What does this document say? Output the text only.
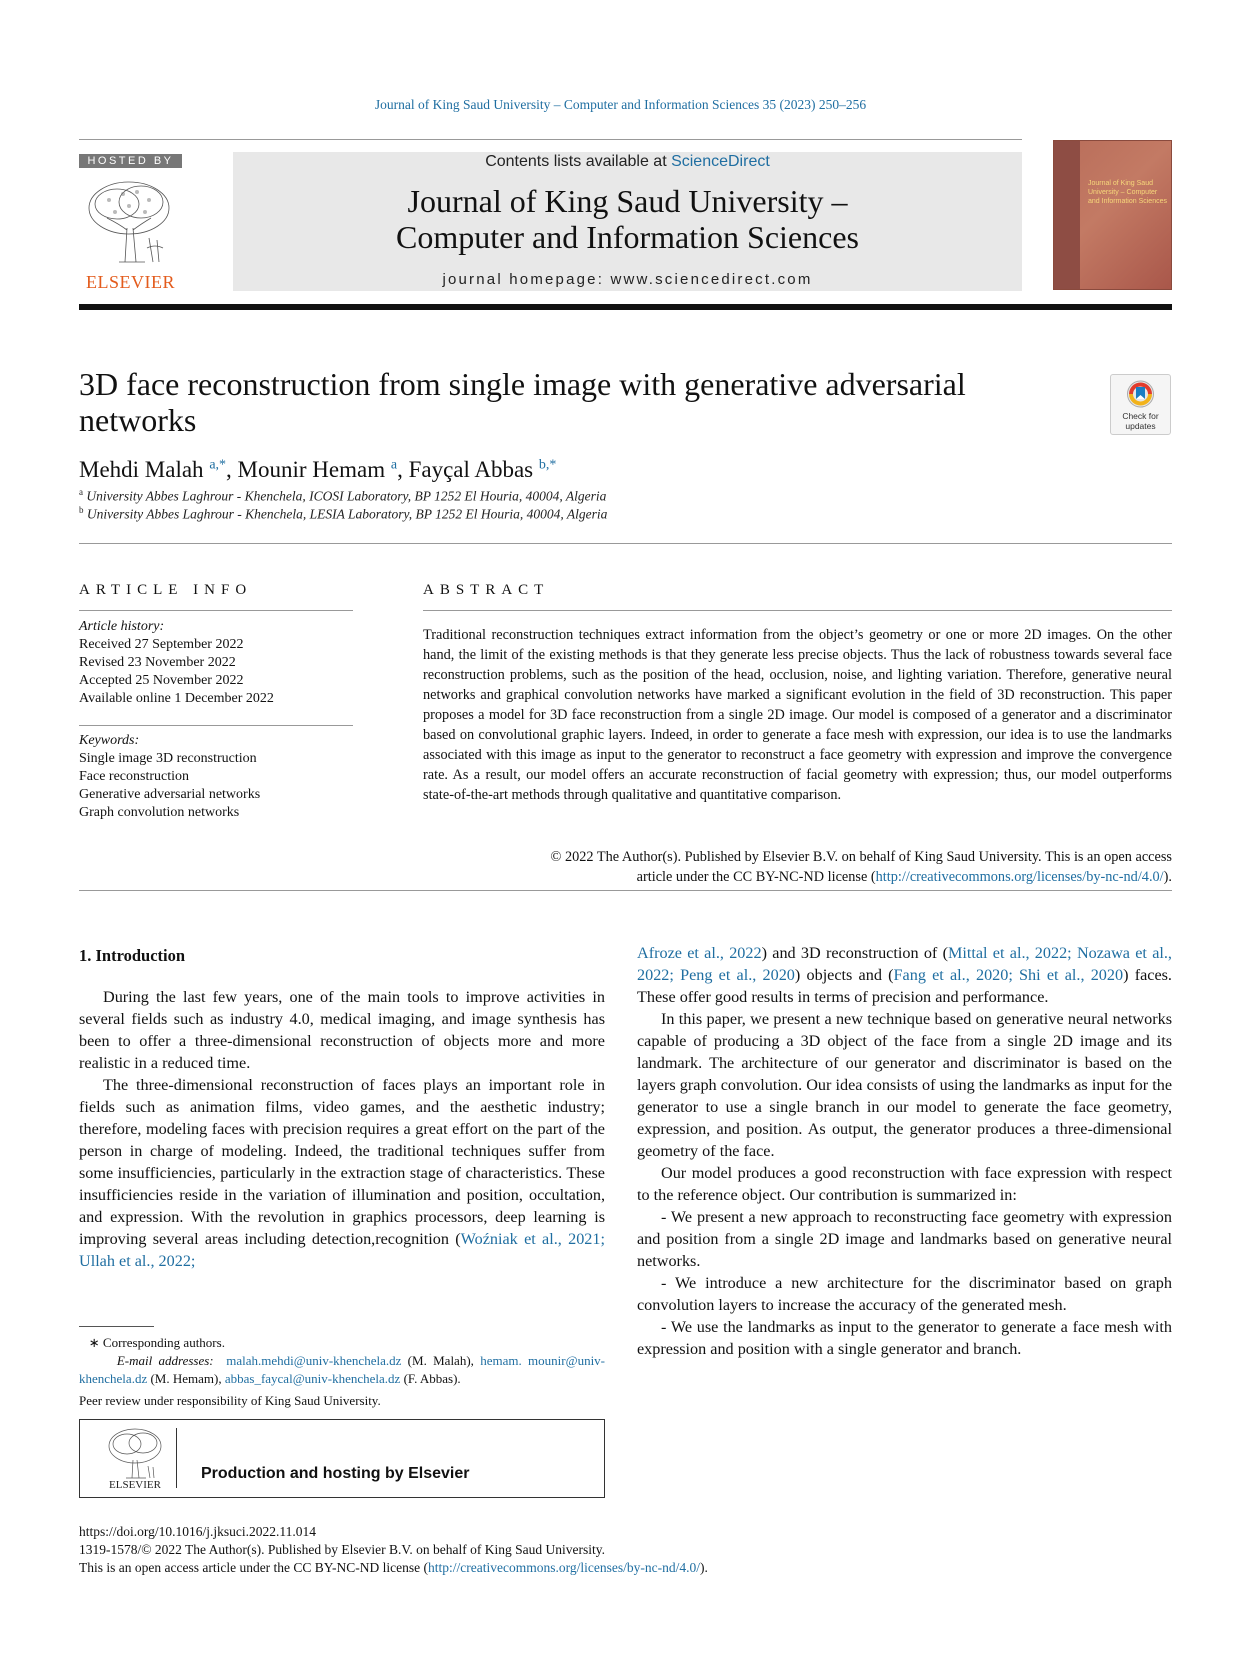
Journal of King Saud University – Computer and Information Sciences 35 (2023) 250–256
HOSTED BY
ELSEVIER
Contents lists available at ScienceDirect
Journal of King Saud University –
Computer and Information Sciences
journal homepage: www.sciencedirect.com
Journal of King Saud University – Computer and Information Sciences
3D face reconstruction from single image with generative adversarial
networks	Check for updates
Mehdi Malah $^{a,*}$, Mounir Hemam $^a$, Fayçal Abbas $^{b,*}$
$^a$ University Abbes Laghrour - Khenchela, ICOSI Laboratory, BP 1252 El Houria, 40004, Algeria
$^b$ University Abbes Laghrour - Khenchela, LESIA Laboratory, BP 1252 El Houria, 40004, Algeria
ARTICLE INFO
Article history:
Received 27 September 2022
Revised 23 November 2022
Accepted 25 November 2022
Available online 1 December 2022
Keywords:
Single image 3D reconstruction
Face reconstruction
Generative adversarial networks
Graph convolution networks
ABSTRACT
Traditional reconstruction techniques extract information from the object’s geometry or one or more 2D images. On the other hand, the limit of the existing methods is that they generate less precise objects. Thus the lack of robustness towards several face reconstruction problems, such as the position of the head, occlusion, noise, and lighting variation. Therefore, generative neural networks and graphical convolution networks have marked a significant evolution in the field of 3D reconstruction. This paper proposes a model for 3D face reconstruction from a single 2D image. Our model is composed of a generator and a discriminator based on convolutional graphic layers. Indeed, in order to generate a face mesh with expression, our idea is to use the landmarks associated with this image as input to the generator to reconstruct a face geometry with expression and improve the convergence rate. As a result, our model offers an accurate reconstruction of facial geometry with expression; thus, our model outperforms state-of-the-art methods through qualitative and quantitative comparison.
© 2022 The Author(s). Published by Elsevier B.V. on behalf of King Saud University. This is an open access
article under the CC BY-NC-ND license (http://creativecommons.org/licenses/by-nc-nd/4.0/).
1. Introduction

During the last few years, one of the main tools to improve activities in several fields such as industry 4.0, medical imaging, and image synthesis has been to offer a three-dimensional reconstruction of objects more and more realistic in a reduced time.

The three-dimensional reconstruction of faces plays an important role in fields such as animation films, video games, and the aesthetic industry; therefore, modeling faces with precision requires a great effort on the part of the person in charge of modeling. Indeed, the traditional techniques suffer from some insufficiencies, particularly in the extraction stage of characteristics. These insufficiencies reside in the variation of illumination and position, occultation, and expression. With the revolution in graphics processors, deep learning is improving several areas including detection,recognition (Woźniak et al., 2021; Ullah et al., 2022;

Afroze et al., 2022) and 3D reconstruction of (Mittal et al., 2022; Nozawa et al., 2022; Peng et al., 2020) objects and (Fang et al., 2020; Shi et al., 2020) faces. These offer good results in terms of precision and performance.

In this paper, we present a new technique based on generative neural networks capable of producing a 3D object of the face from a single 2D image and its landmark. The architecture of our generator and discriminator is based on the layers graph convolution. Our idea consists of using the landmarks as input for the generator to use a single branch in our model to generate the face geometry, expression, and position. As output, the generator produces a three-dimensional geometry of the face.

Our model produces a good reconstruction with face expression with respect to the reference object. Our contribution is summarized in:

- We present a new approach to reconstructing face geometry with expression and position from a single 2D image and landmarks based on generative neural networks.

- We introduce a new architecture for the discriminator based on graph convolution layers to increase the accuracy of the generated mesh.

- We use the landmarks as input to the generator to generate a face mesh with expression and position with a single generator and branch.

∗ Corresponding authors.
E-mail addresses: malah.mehdi@univ-khenchela.dz (M. Malah), hemam. mounir@univ-khenchela.dz (M. Hemam), abbas_faycal@univ-khenchela.dz (F. Abbas).
Peer review under responsibility of King Saud University.
ELSEVIER
Production and hosting by Elsevier
https://doi.org/10.1016/j.jksuci.2022.11.014
1319-1578/© 2022 The Author(s). Published by Elsevier B.V. on behalf of King Saud University.
This is an open access article under the CC BY-NC-ND license (http://creativecommons.org/licenses/by-nc-nd/4.0/).
